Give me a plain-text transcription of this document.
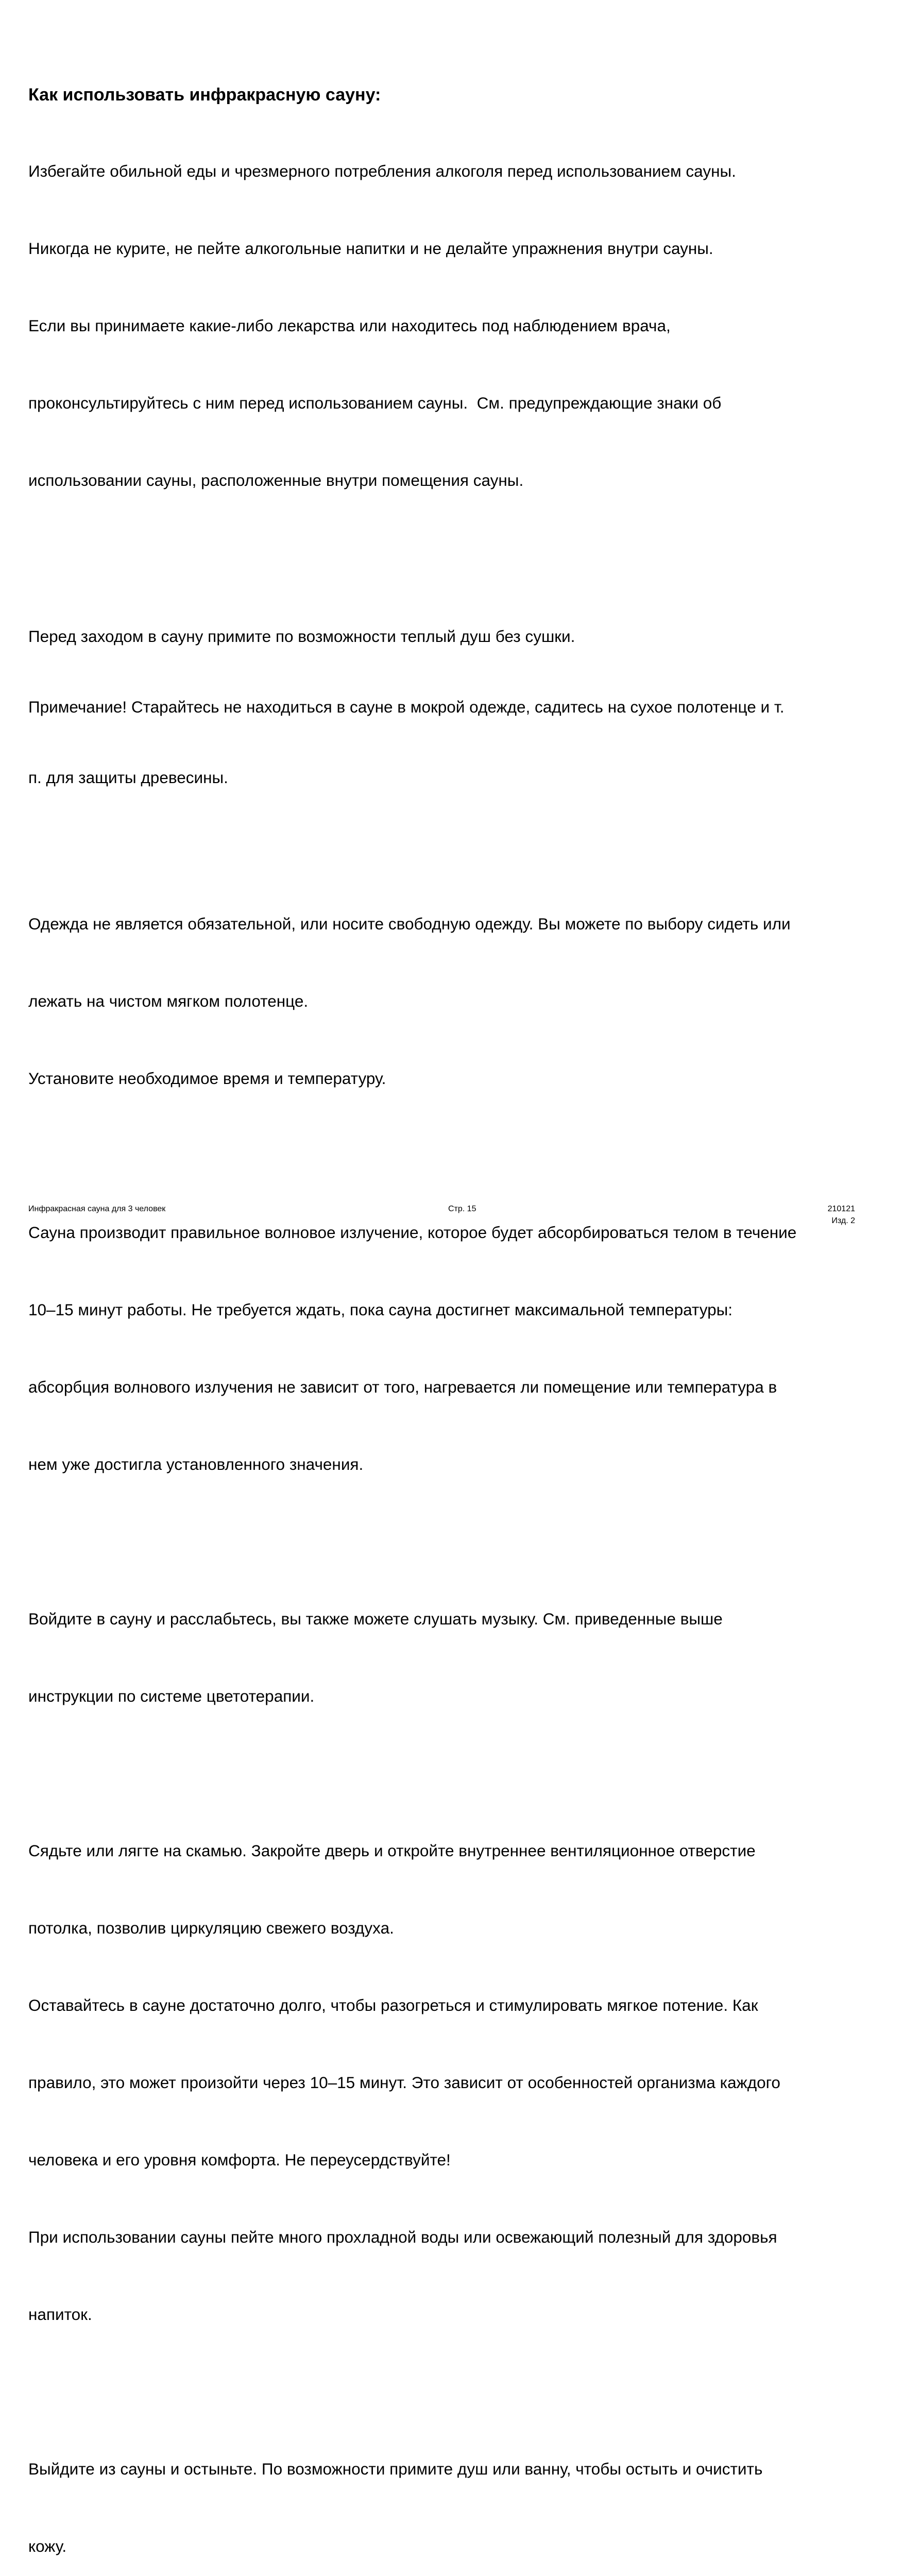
Как использовать инфракрасную сауну:

Избегайте обильной еды и чрезмерного потребления алкоголя перед использованием сауны.

Никогда не курите, не пейте алкогольные напитки и не делайте упражнения внутри сауны.

Если вы принимаете какие-либо лекарства или находитесь под наблюдением врача,

проконсультируйтесь с ним перед использованием сауны.  См. предупреждающие знаки об

использовании сауны, расположенные внутри помещения сауны.

Перед заходом в сауну примите по возможности теплый душ без сушки.

Примечание! Старайтесь не находиться в сауне в мокрой одежде, садитесь на сухое полотенце и т.

п. для защиты древесины.

Одежда не является обязательной, или носите свободную одежду. Вы можете по выбору сидеть или

лежать на чистом мягком полотенце.

Установите необходимое время и температуру.

Сауна производит правильное волновое излучение, которое будет абсорбироваться телом в течение

10–15 минут работы. Не требуется ждать, пока сауна достигнет максимальной температуры:

абсорбция волнового излучения не зависит от того, нагревается ли помещение или температура в

нем уже достигла установленного значения.

Войдите в сауну и расслабьтесь, вы также можете слушать музыку. См. приведенные выше

инструкции по системе цветотерапии.

Сядьте или лягте на скамью. Закройте дверь и откройте внутреннее вентиляционное отверстие

потолка, позволив циркуляцию свежего воздуха.

Оставайтесь в сауне достаточно долго, чтобы разогреться и стимулировать мягкое потение. Как

правило, это может произойти через 10–15 минут. Это зависит от особенностей организма каждого

человека и его уровня комфорта. Не переусердствуйте!

При использовании сауны пейте много прохладной воды или освежающий полезный для здоровья

напиток.

Выйдите из сауны и остыньте. По возможности примите душ или ванну, чтобы остыть и очистить

кожу.

Инфракрасная сауна для 3 человек	Стр. 15	210121
Изд. 2
